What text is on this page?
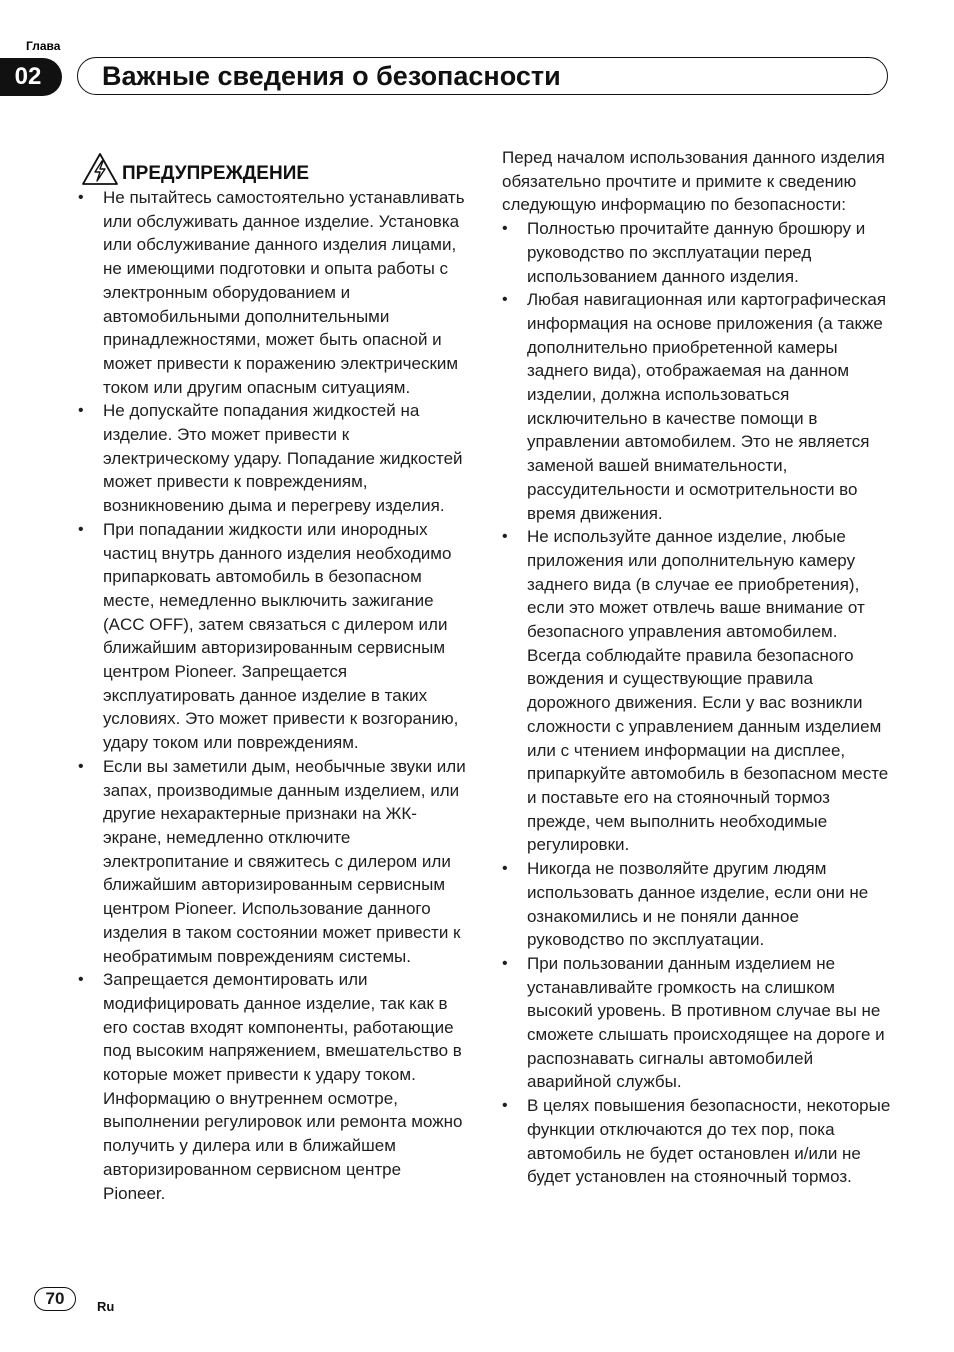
Глава
02	Важные сведения о безопасности
ПРЕДУПРЕЖДЕНИЕ
• Не пытайтесь самостоятельно устанавливать или обслуживать данное изделие. Установка или обслуживание данного изделия лицами, не имеющими подготовки и опыта работы с электронным оборудованием и автомобильными дополнительными принадлежностями, может быть опасной и может привести к поражению электрическим током или другим опасным ситуациям.
• Не допускайте попадания жидкостей на изделие. Это может привести к электрическому удару. Попадание жидкостей может привести к повреждениям, возникновению дыма и перегреву изделия.
• При попадании жидкости или инородных частиц внутрь данного изделия необходимо припарковать автомобиль в безопасном месте, немедленно выключить зажигание (ACC OFF), затем связаться с дилером или ближайшим авторизированным сервисным центром Pioneer. Запрещается эксплуатировать данное изделие в таких условиях. Это может привести к возгоранию, удару током или повреждениям.
• Если вы заметили дым, необычные звуки или запах, производимые данным изделием, или другие нехарактерные признаки на ЖК-экране, немедленно отключите электропитание и свяжитесь с дилером или ближайшим авторизированным сервисным центром Pioneer. Использование данного изделия в таком состоянии может привести к необратимым повреждениям системы.
• Запрещается демонтировать или модифицировать данное изделие, так как в его состав входят компоненты, работающие под высоким напряжением, вмешательство в которые может привести к удару током. Информацию о внутреннем осмотре, выполнении регулировок или ремонта можно получить у дилера или в ближайшем авторизированном сервисном центре Pioneer.

Перед началом использования данного изделия обязательно прочтите и примите к сведению следующую информацию по безопасности:

• Полностью прочитайте данную брошюру и руководство по эксплуатации перед использованием данного изделия.
• Любая навигационная или картографическая информация на основе приложения (а также дополнительно приобретенной камеры заднего вида), отображаемая на данном изделии, должна использоваться исключительно в качестве помощи в управлении автомобилем. Это не является заменой вашей внимательности, рассудительности и осмотрительности во время движения.
• Не используйте данное изделие, любые приложения или дополнительную камеру заднего вида (в случае ее приобретения), если это может отвлечь ваше внимание от безопасного управления автомобилем. Всегда соблюдайте правила безопасного вождения и существующие правила дорожного движения. Если у вас возникли сложности с управлением данным изделием или с чтением информации на дисплее, припаркуйте автомобиль в безопасном месте и поставьте его на стояночный тормоз прежде, чем выполнить необходимые регулировки.
• Никогда не позволяйте другим людям использовать данное изделие, если они не ознакомились и не поняли данное руководство по эксплуатации.
• При пользовании данным изделием не устанавливайте громкость на слишком высокий уровень. В противном случае вы не сможете слышать происходящее на дороге и распознавать сигналы автомобилей аварийной службы.
• В целях повышения безопасности, некоторые функции отключаются до тех пор, пока автомобиль не будет остановлен и/или не будет установлен на стояночный тормоз.
70	Ru
